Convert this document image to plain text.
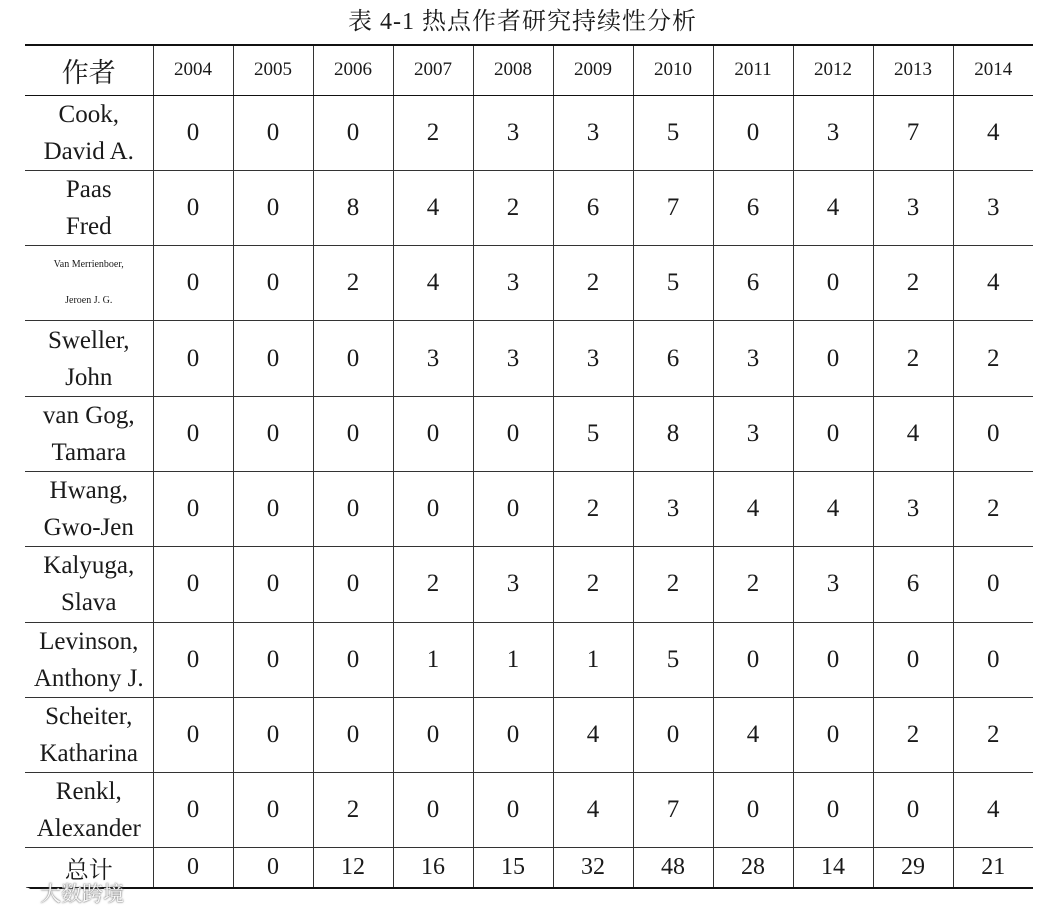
表 4-1 热点作者研究持续性分析
作者	2004	2005	2006	2007	2008	2009	2010	2011	2012	2013	2014

Cook,
David A.	0	0	0	2	3	3	5	0	3	7	4

Paas
Fred	0	0	8	4	2	6	7	6	4	3	3

Van Merrienboer,
Jeroen J. G.	0	0	2	4	3	2	5	6	0	2	4

Sweller,
John	0	0	0	3	3	3	6	3	0	2	2

van Gog,
Tamara	0	0	0	0	0	5	8	3	0	4	0

Hwang,
Gwo-Jen	0	0	0	0	0	2	3	4	4	3	2

Kalyuga,
Slava	0	0	0	2	3	2	2	2	3	6	0

Levinson,
Anthony J.	0	0	0	1	1	1	5	0	0	0	0

Scheiter,
Katharina	0	0	0	0	0	4	0	4	0	2	2

Renkl,
Alexander	0	0	2	0	0	4	7	0	0	0	4
总计	0	0	12	16	15	32	48	28	14	29	21
大数跨境
